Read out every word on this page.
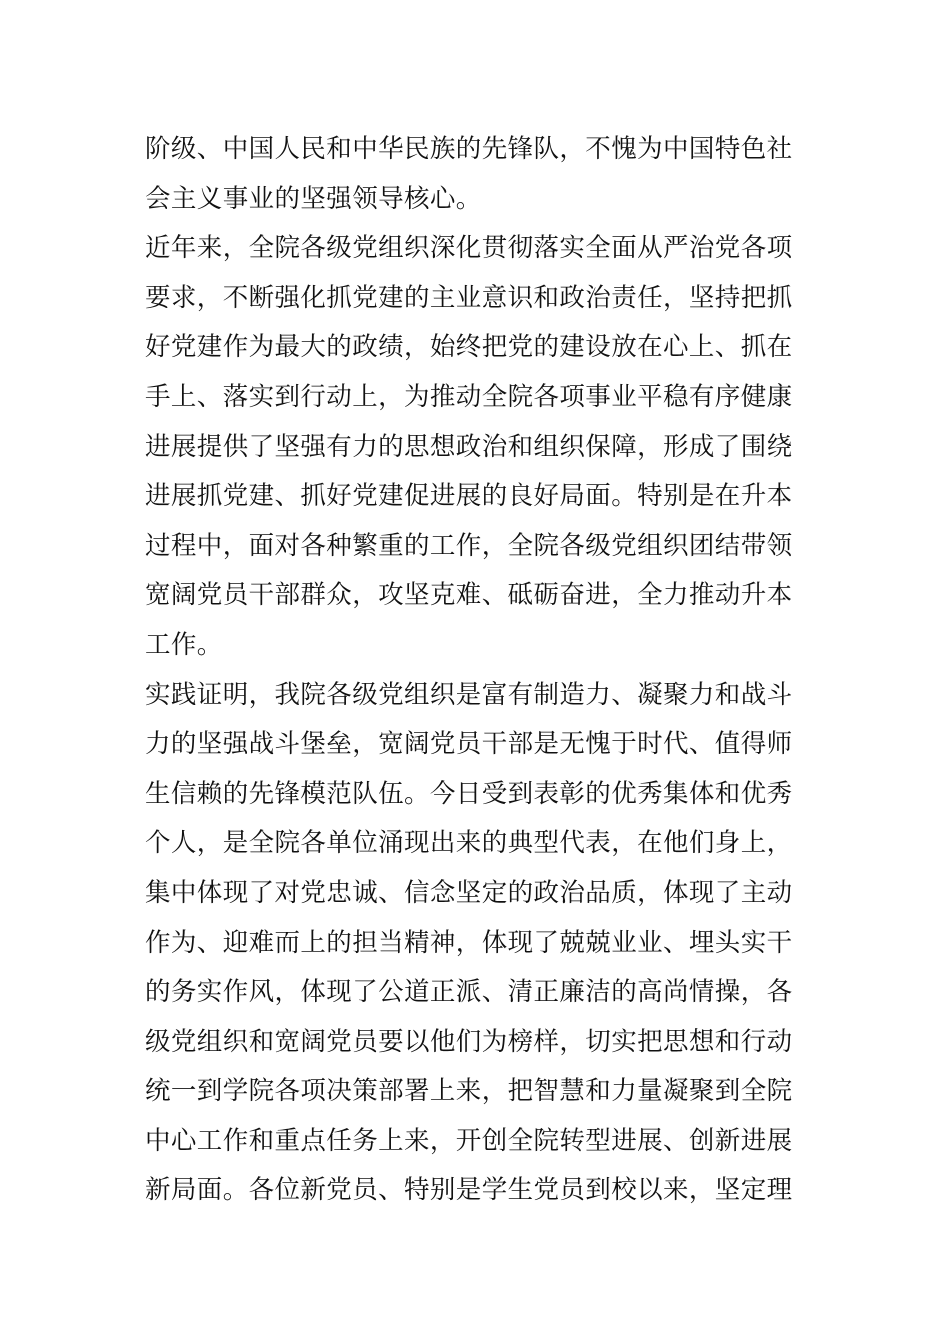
阶级、中国人民和中华民族的先锋队，不愧为中国特色社
会主义事业的坚强领导核心。
近年来，全院各级党组织深化贯彻落实全面从严治党各项
要求，不断强化抓党建的主业意识和政治责任，坚持把抓
好党建作为最大的政绩，始终把党的建设放在心上、抓在
手上、落实到行动上，为推动全院各项事业平稳有序健康
进展提供了坚强有力的思想政治和组织保障，形成了围绕
进展抓党建、抓好党建促进展的良好局面。特别是在升本
过程中，面对各种繁重的工作，全院各级党组织团结带领
宽阔党员干部群众，攻坚克难、砥砺奋进，全力推动升本
工作。
实践证明，我院各级党组织是富有制造力、凝聚力和战斗
力的坚强战斗堡垒，宽阔党员干部是无愧于时代、值得师
生信赖的先锋模范队伍。今日受到表彰的优秀集体和优秀
个人，是全院各单位涌现出来的典型代表，在他们身上，
集中体现了对党忠诚、信念坚定的政治品质，体现了主动
作为、迎难而上的担当精神，体现了兢兢业业、埋头实干
的务实作风，体现了公道正派、清正廉洁的高尚情操，各
级党组织和宽阔党员要以他们为榜样，切实把思想和行动
统一到学院各项决策部署上来，把智慧和力量凝聚到全院
中心工作和重点任务上来，开创全院转型进展、创新进展
新局面。各位新党员、特别是学生党员到校以来，坚定理
